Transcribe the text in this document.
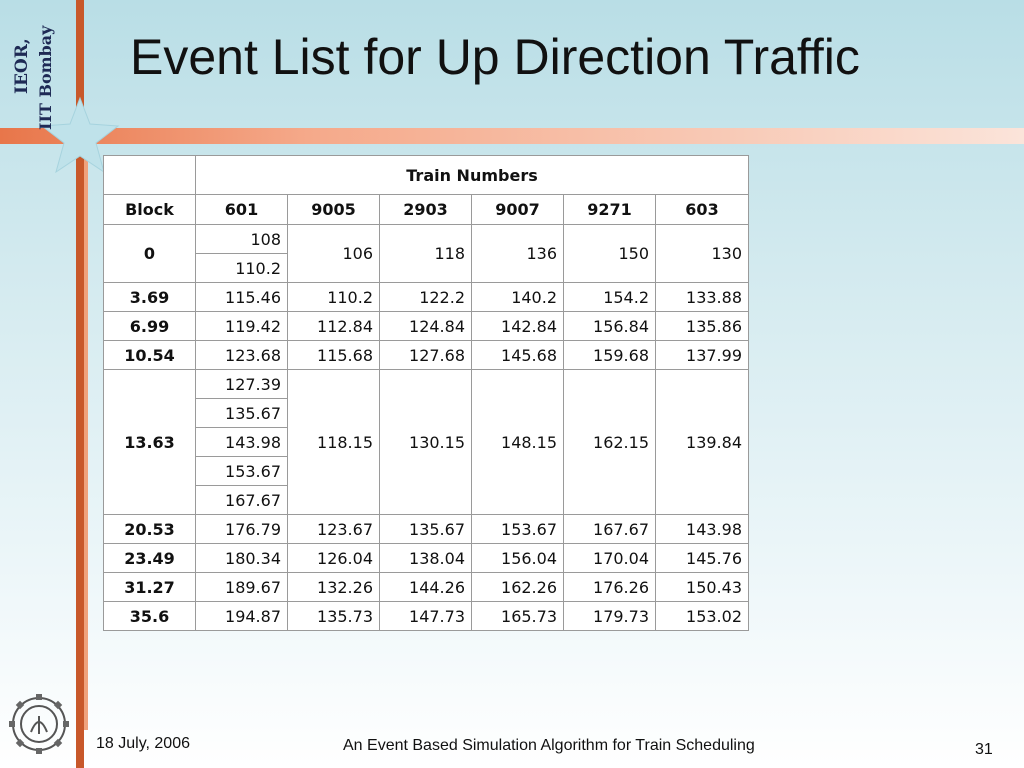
IEOR, IIT Bombay Event List for Up Direction Traffic
	Train Numbers					
Block	601	9005	2903	9007	9271	603
0	108	106	118	136	150	130
	110.2					
3.69	115.46	110.2	122.2	140.2	154.2	133.88
6.99	119.42	112.84	124.84	142.84	156.84	135.86
10.54	123.68	115.68	127.68	145.68	159.68	137.99
13.63	127.39	118.15	130.15	148.15	162.15	139.84
	135.67					
	143.98					
	153.67					
	167.67					
20.53	176.79	123.67	135.67	153.67	167.67	143.98
23.49	180.34	126.04	138.04	156.04	170.04	145.76
31.27	189.67	132.26	144.26	162.26	176.26	150.43
35.6	194.87	135.73	147.73	165.73	179.73	153.02
18 July, 2006	An Event Based Simulation Algorithm for Train Scheduling	31
